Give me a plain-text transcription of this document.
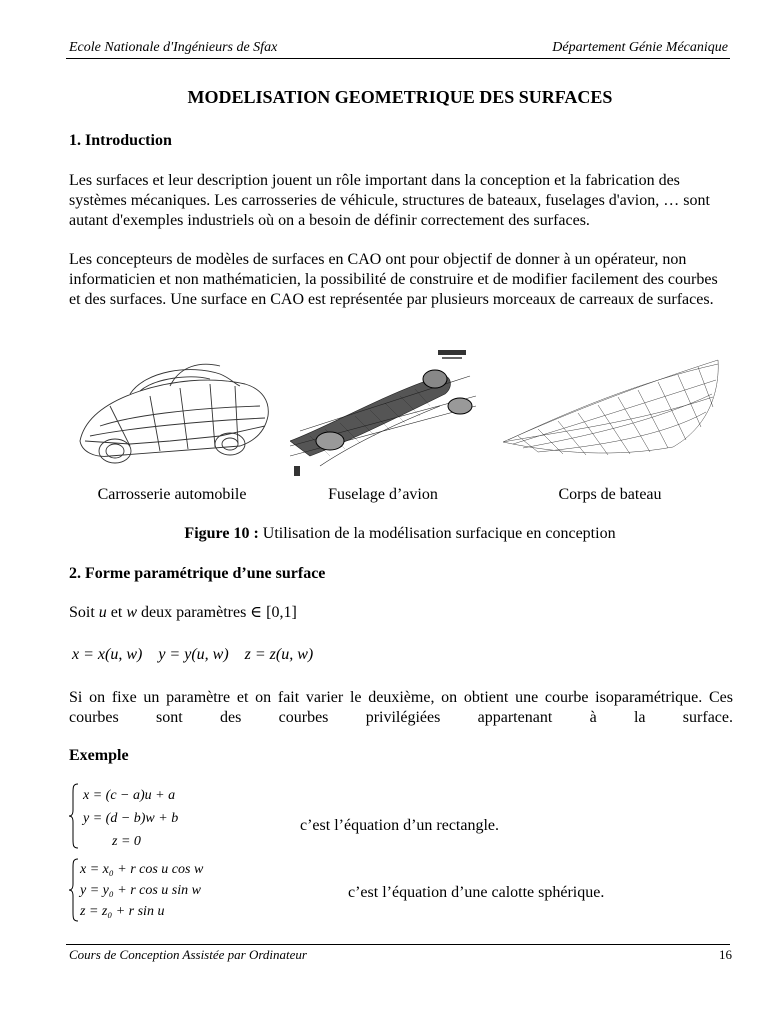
Ecole Nationale d'Ingénieurs de Sfax	Département Génie Mécanique
MODELISATION GEOMETRIQUE DES SURFACES
1. Introduction
Les surfaces et leur description jouent un rôle important dans la conception et la fabrication des systèmes mécaniques. Les carrosseries de véhicule, structures de bateaux, fuselages d'avion, … sont autant d'exemples industriels où on a besoin de définir correctement des surfaces.
Les concepteurs de modèles de surfaces en CAO ont pour objectif de donner à un opérateur, non informaticien et non mathématicien, la possibilité de construire et de modifier facilement des courbes et des surfaces. Une surface en CAO est représentée par plusieurs morceaux de carreaux de surfaces.
Carrosserie automobile	Fuselage d’avion	Corps de bateau
Figure 10 : Utilisation de la modélisation surfacique en conception
2. Forme paramétrique d’une surface
Soit u et w deux paramètres ∈ [0,1]
x = x(u, w)    y = y(u, w)    z = z(u, w)
Si on fixe un paramètre et on fait varier le deuxième, on obtient une courbe isoparamétrique. Ces courbes sont des courbes privilégiées appartenant à la surface.
Exemple
x = (c − a)u + a
y = (d − b)w + b
z = 0
c’est l’équation d’un rectangle.
x = x₀ + r cos u cos w
y = y₀ + r cos u sin w
z = z₀ + r sin u
c’est l’équation d’une calotte sphérique.
Cours de Conception Assistée par Ordinateur	16
